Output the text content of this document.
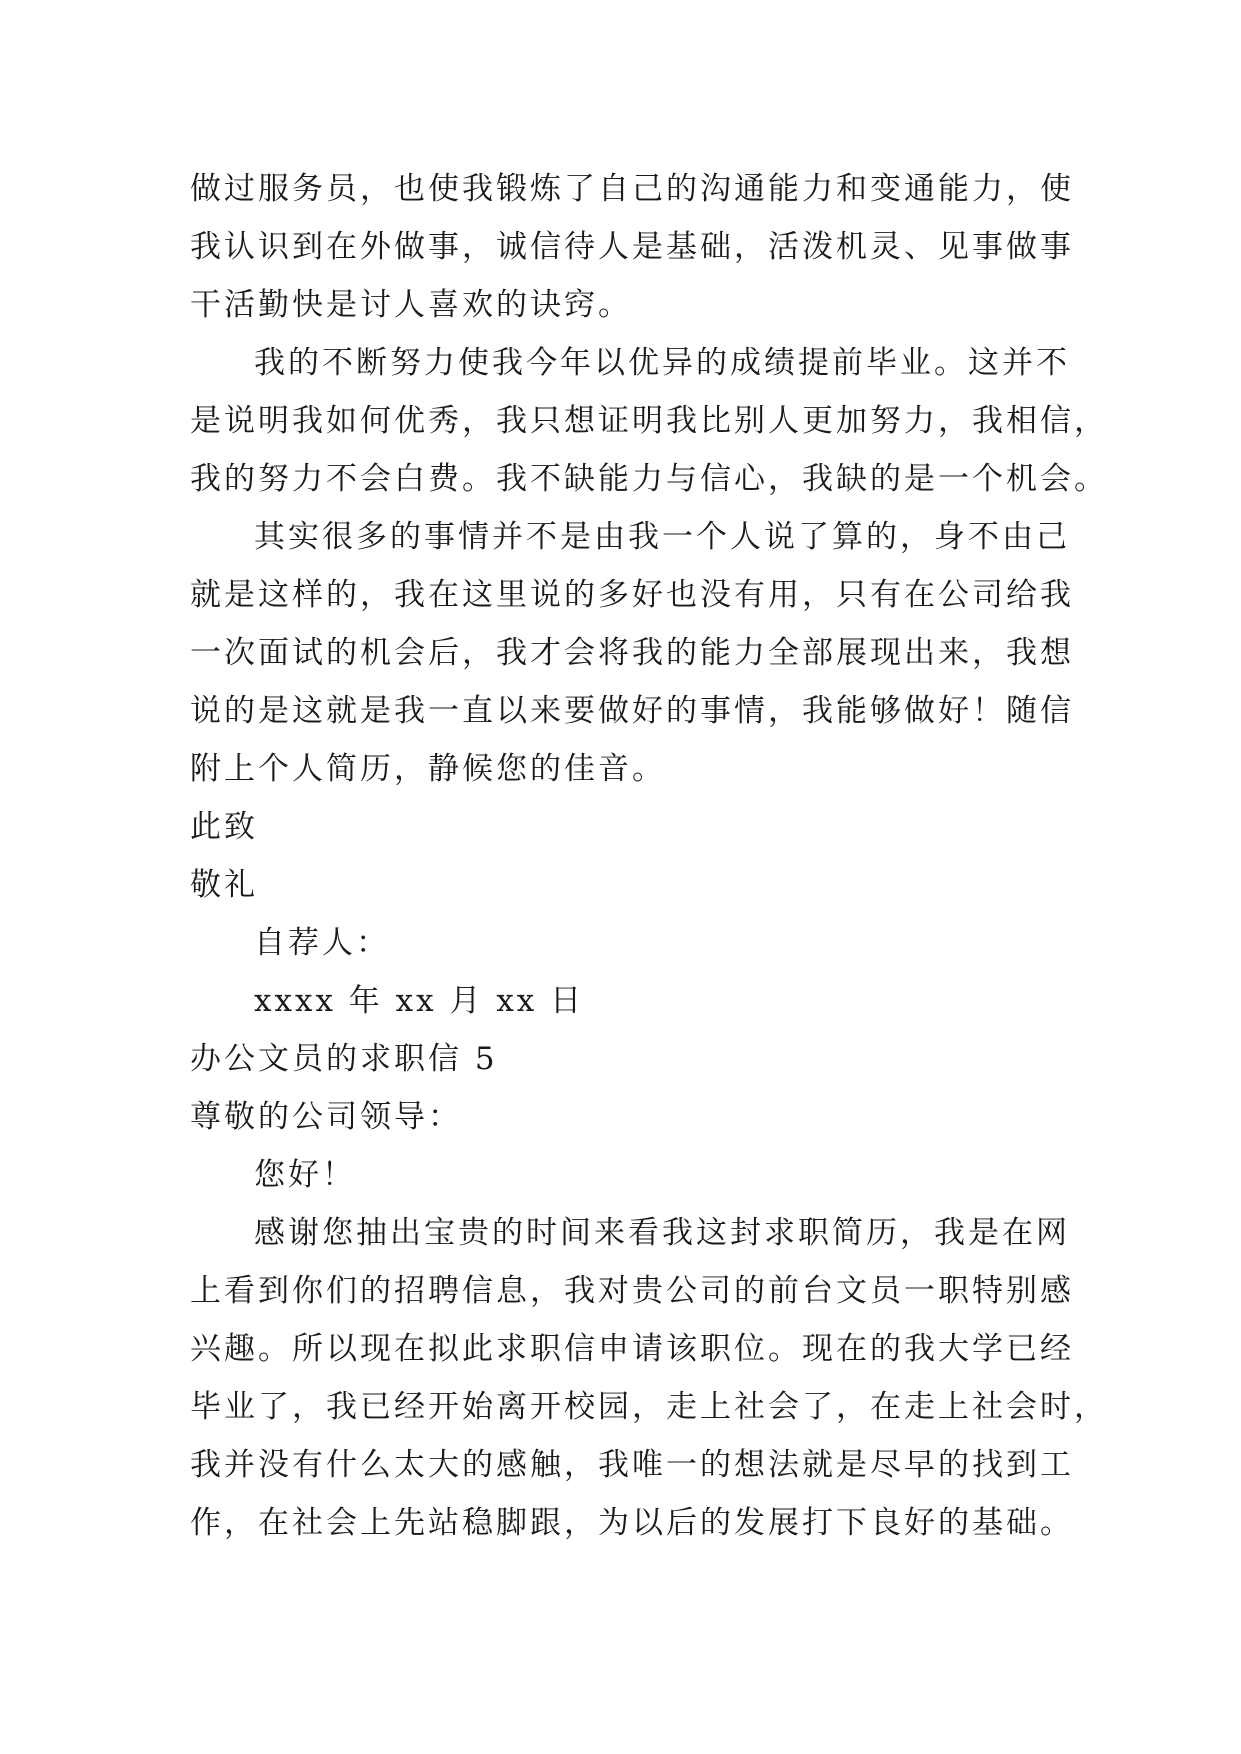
做过服务员，也使我锻炼了自己的沟通能力和变通能力，使
我认识到在外做事，诚信待人是基础，活泼机灵、见事做事
干活勤快是讨人喜欢的诀窍。
我的不断努力使我今年以优异的成绩提前毕业。这并不
是说明我如何优秀，我只想证明我比别人更加努力，我相信，
我的努力不会白费。我不缺能力与信心，我缺的是一个机会。
其实很多的事情并不是由我一个人说了算的，身不由己
就是这样的，我在这里说的多好也没有用，只有在公司给我
一次面试的机会后，我才会将我的能力全部展现出来，我想
说的是这就是我一直以来要做好的事情，我能够做好！随信
附上个人简历，静候您的佳音。
此致
敬礼
自荐人：
xxxx 年 xx 月 xx 日
办公文员的求职信 5
尊敬的公司领导：
您好！
感谢您抽出宝贵的时间来看我这封求职简历，我是在网
上看到你们的招聘信息，我对贵公司的前台文员一职特别感
兴趣。所以现在拟此求职信申请该职位。现在的我大学已经
毕业了，我已经开始离开校园，走上社会了，在走上社会时，
我并没有什么太大的感触，我唯一的想法就是尽早的找到工
作，在社会上先站稳脚跟，为以后的发展打下良好的基础。
